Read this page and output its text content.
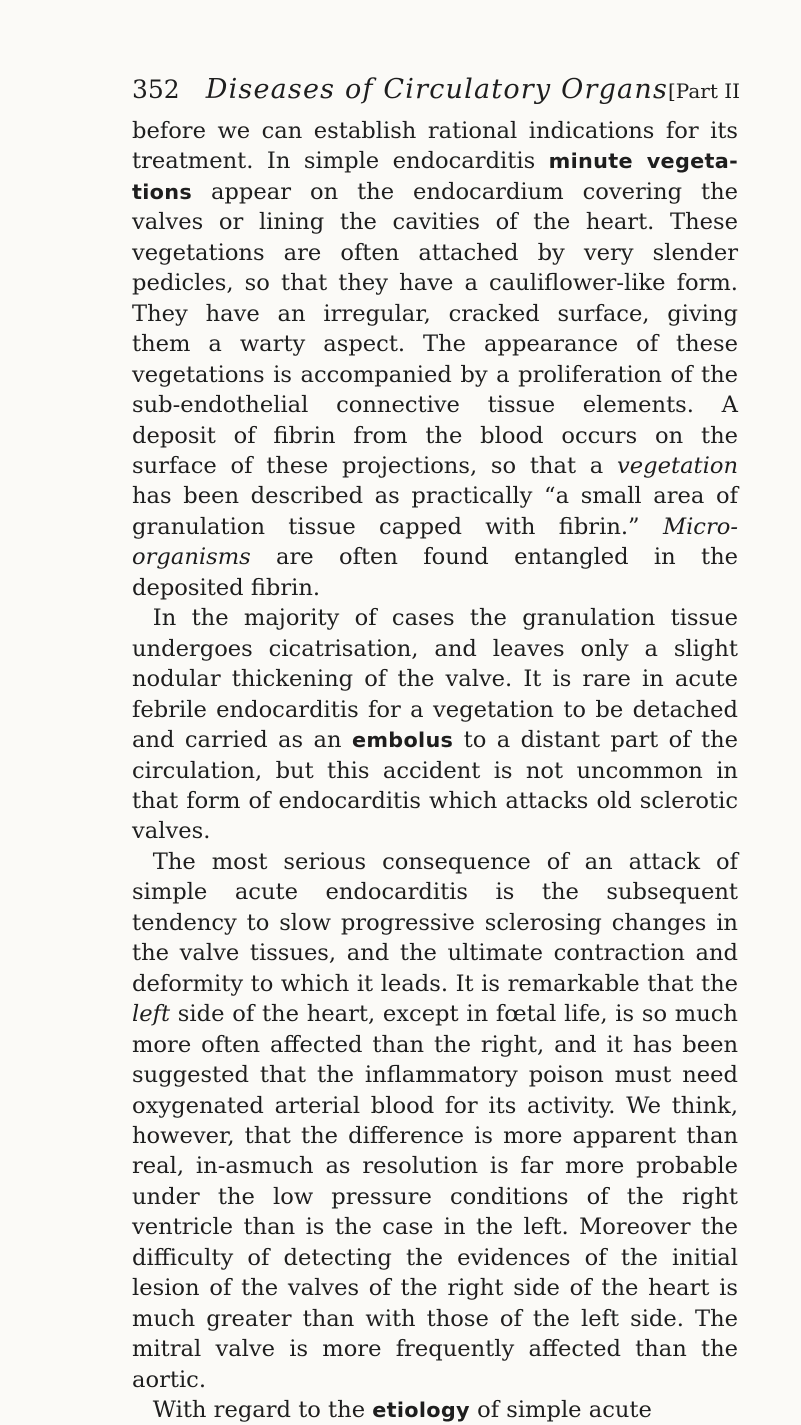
352 Diseases of Circulatory Organs [Part II

before we can establish rational indications for its treatment. In simple endocarditis minute vegeta-tions appear on the endocardium covering the valves or lining the cavities of the heart. These vegetations are often attached by very slender pedicles, so that they have a cauliflower-like form. They have an irregular, cracked surface, giving them a warty aspect. The appearance of these vegetations is accompanied by a proliferation of the sub-endothelial connective tissue elements. A deposit of fibrin from the blood occurs on the surface of these projections, so that a vegetation has been described as practically “a small area of granulation tissue capped with fibrin.” Micro-organisms are often found entangled in the deposited fibrin.

In the majority of cases the granulation tissue undergoes cicatrisation, and leaves only a slight nodular thickening of the valve. It is rare in acute febrile endocarditis for a vegetation to be detached and carried as an embolus to a distant part of the circulation, but this accident is not uncommon in that form of endocarditis which attacks old sclerotic valves.

The most serious consequence of an attack of simple acute endocarditis is the subsequent tendency to slow progressive sclerosing changes in the valve tissues, and the ultimate contraction and deformity to which it leads. It is remarkable that the left side of the heart, except in fœtal life, is so much more often affected than the right, and it has been suggested that the inflammatory poison must need oxygenated arterial blood for its activity. We think, however, that the difference is more apparent than real, in-asmuch as resolution is far more probable under the low pressure conditions of the right ventricle than is the case in the left. Moreover the difficulty of detecting the evidences of the initial lesion of the valves of the right side of the heart is much greater than with those of the left side. The mitral valve is more frequently affected than the aortic.

With regard to the etiology of simple acute
